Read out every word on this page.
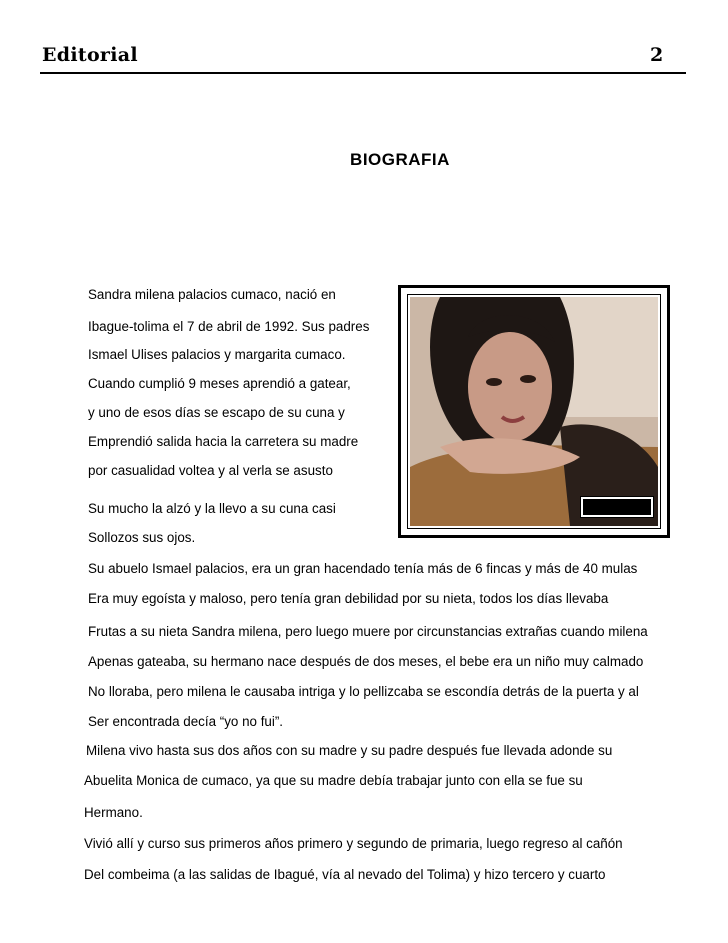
Editorial	2
BIOGRAFIA
Sandra milena palacios cumaco, nació en
Ibague-tolima el 7 de abril de 1992. Sus padres
Ismael Ulises palacios y margarita cumaco.
Cuando cumplió 9 meses aprendió a gatear,
y uno de esos días se escapo de su cuna y
Emprendió salida hacia la carretera su madre
por casualidad voltea y al verla se asusto
Su mucho la alzó y la llevo a su cuna casi
Sollozos sus ojos.
Su abuelo Ismael palacios, era un gran hacendado tenía más de 6 fincas y más de 40 mulas
Era muy egoísta y maloso, pero tenía gran debilidad por su nieta, todos los días llevaba
Frutas a su nieta Sandra milena, pero luego muere por circunstancias extrañas cuando milena
Apenas gateaba, su hermano nace después de dos meses, el bebe era un niño muy calmado
No lloraba, pero milena le causaba intriga y lo pellizcaba se escondía detrás de la puerta y al
Ser encontrada decía “yo no fui”.
Milena vivo hasta sus dos años con su madre y su padre después fue llevada adonde su
Abuelita Monica de cumaco, ya que su madre debía trabajar junto con ella se fue su
Hermano.
Vivió allí y curso sus primeros años primero y segundo de primaria, luego regreso al cañón
Del combeima (a las salidas de Ibagué, vía al nevado del Tolima) y hizo tercero y cuarto
